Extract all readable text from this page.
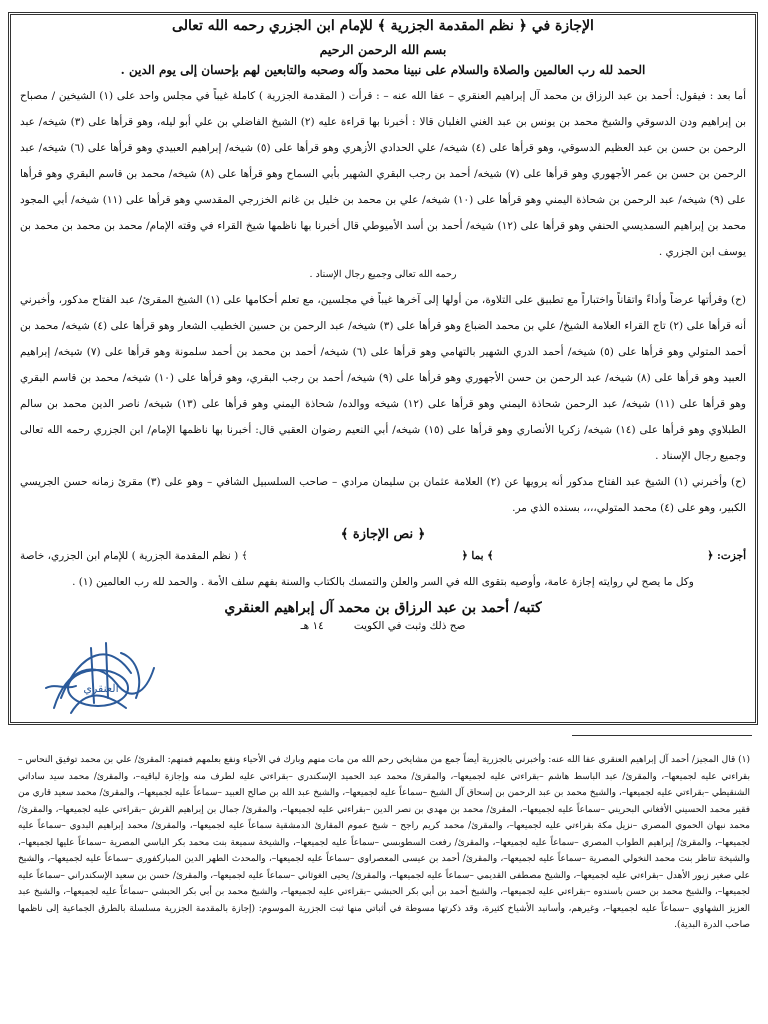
الإجازة في ﴿ نظم المقدمة الجزرية ﴾ للإمام ابن الجزري رحمه الله تعالى

بسم الله الرحمن الرحيم

الحمد لله رب العالمين والصلاة والسلام على نبينا محمد وآله وصحبه والتابعين لهم بإحسان إلى يوم الدين .

أما بعد : فيقول: أحمد بن عبد الرزاق بن محمد آل إبراهيم العنقري – عفا الله عنه – : قرأت ( المقدمة الجزرية ) كاملة غيباً في مجلس واحد على (١) الشيخين / مصباح بن إبراهيم ودن الدسوقي والشيخ محمد بن يونس بن عبد الغني الغلبان قالا : أخبرنا بها قراءة عليه (٢) الشيخ الفاضلي بن علي أبو ليله، وهو قرأها على (٣) شيخه/ عبد الرحمن بن حسن بن عبد العظيم الدسوقي، وهو قرأها على (٤) شيخه/ علي الحدادي الأزهري وهو قرأها على (٥) شيخه/ إبراهيم العبيدي وهو قرأها على (٦) شيخه/ عبد الرحمن بن حسن بن عمر الأجهوري وهو قرأها على (٧) شيخه/ أحمد بن رجب البقري الشهير بأبي السماح وهو قرأها على (٨) شيخه/ محمد بن قاسم البقري وهو قرأها على (٩) شيخه/ عبد الرحمن بن شحاذة اليمني وهو قرأها على (١٠) شيخه/ علي بن محمد بن خليل بن غانم الخزرجي المقدسي وهو قرأها على (١١) شيخه/ أبي المجود محمد بن إبراهيم السمديسي الحنفي وهو قرأها على (١٢) شيخه/ أحمد بن أسد الأميوطي قال أخبرنا بها ناظمها شيخ القراء في وقته الإمام/ محمد بن محمد بن محمد بن يوسف ابن الجزري .

رحمه الله تعالى وجميع رجال الإسناد .

(ح) وقرأتها عرضاً وأداءً واتقاناً واختباراً مع تطبيق على التلاوة، من أولها إلى آخرها غيباً في مجلسين، مع تعلم أحكامها على (١) الشيخ المقرئ/ عبد الفتاح مدكور، وأخبرني أنه قرأها على (٢) تاج القراء العلامة الشيخ/ علي بن محمد الضباع وهو قرأها على (٣) شيخه/ عبد الرحمن بن حسين الخطيب الشعار وهو قرأها على (٤) شيخه/ محمد بن أحمد المتولي وهو قرأها على (٥) شيخه/ أحمد الدري الشهير بالتهامي وهو قرأها على (٦) شيخه/ أحمد بن محمد بن أحمد سلمونة وهو قرأها على (٧) شيخه/ إبراهيم العبيد وهو قرأها على (٨) شيخه/ عبد الرحمن بن حسن الأجهوري وهو قرأها على (٩) شيخه/ أحمد بن رجب البقري، وهو قرأها على (١٠) شيخه/ محمد بن قاسم البقري وهو قرأها على (١١) شيخه/ عبد الرحمن شحاذة اليمني وهو قرأها على (١٢) شيخه ووالده/ شحاذة اليمني وهو قرأها على (١٣) شيخه/ ناصر الدين محمد بن سالم الطبلاوي وهو قرأها على (١٤) شيخه/ زكريا الأنصاري وهو قرأها على (١٥) شيخه/ أبي النعيم رضوان العقبي قال: أخبرنا بها ناظمها الإمام/ ابن الجزري رحمه الله تعالى وجميع رجال الإسناد .

(ح) وأخبرني (١) الشيخ عبد الفتاح مدكور أنه يرويها عن (٢) العلامة عثمان بن سليمان مرادي – صاحب السلسبيل الشافي – وهو على (٣) مقرئ زمانه حسن الجريسي الكبير، وهو على (٤) محمد المتولي،،،، بسنده الذي مر.

﴿ نص الإجازة ﴾

أجزت: ﴿
﴾ بما ﴿
﴾ ( نظم المقدمة الجزرية ) للإمام ابن الجزري، خاصة

وكل ما يصح لي روايته إجازة عامة، وأوصيه بتقوى الله في السر والعلن والتمسك بالكتاب والسنة بفهم سلف الأمة . والحمد لله رب العالمين (١) .

كتبه/ أحمد بن عبد الرزاق بن محمد آل إبراهيم العنقري

صح ذلك وثبت في الكويت
١٤ هـ
العنقري

(١) قال المجيز/ أحمد آل إبراهيم العنقري عفا الله عنه: وأخبرني بالجزرية أيضاً جمع من مشايخي رحم الله من مات منهم وبارك في الأحياء ونفع بعلمهم فمنهم: المقرئ/ علي بن محمد توفيق النحاس –بقراءتي عليه لجميعها–، والمقرئ/ عبد الباسط هاشم –بقراءتي عليه لجميعها–، والمقرئ/ محمد عبد الحميد الإسكندري –بقراءتي عليه لطرف منه وإجازة لباقيه–، والمقرئ/ محمد سيد ساداتي الشنقيطي –بقراءتي عليه لجميعها–، والشيخ محمد بن عبد الرحمن بن إسحاق آل الشيخ –سماعاً عليه لجميعها–، والشيخ عبد الله بن صالح العبيد –سماعاً عليه لجميعها–، والمقرئ/ محمد سعيد قاري من فقير محمد الحسيني الأفغاني البحريني –سماعاً عليه لجميعها–، المقرئ/ محمد بن مهدي بن نصر الدين –بقراءتي عليه لجميعها–، والمقرئ/ جمال بن إبراهيم القرش –بقراءتي عليه لجميعها–، والمقرئ/ محمد نبهان الحموي المصري –نزيل مكة بقراءتي عليه لجميعها–، والمقرئ/ محمد كريم راجح – شيخ عموم المقارئ الدمشقية سماعاً عليه لجميعها–، والمقرئ/ محمد إبراهيم البدوي –سماعاً عليه لجميعها–، والمقرئ/ إبراهيم الطواب المصري –سماعاً عليه لجميعها–، والمقرئ/ رفعت السطوبسي –سماعاً عليه لجميعها–، والشيخة سميعة بنت محمد بكر الباسي المصرية –سماعاً عليها لجميعها–، والشيخة تناظر بنت محمد النخولي المصرية –سماعاً عليه لجميعها–، والمقرئ/ أحمد بن عيسى المعصراوي –سماعاً عليه لجميعها–، والمحدث الطهر الدين المباركفوري –سماعاً عليه لجميعها–، والشيخ علي صغير زبور الأهدل –بقراءتي عليه لجميعها–، والشيخ مصطفى القديمي –سماعاً عليه لجميعها–، والمقرئ/ يحيى الغوثاني –سماعاً عليه لجميعها–، والمقرئ/ حسن بن سعيد الإسكندراني –سماعاً عليه لجميعها–، والشيخ محمد بن حسن باسندوه –بقراءتي عليه لجميعها–، والشيخ أحمد بن أبي بكر الحبشي –بقراءتي عليه لجميعها–، والشيخ محمد بن أبي بكر الحبشي –سماعاً عليه لجميعها–، والشيخ عبد العزيز الشهاوي –سماعاً عليه لجميعها–، وغيرهم، وأسانيد الأشياخ كثيرة، وقد ذكرتها مسوطة في أثباتي منها ثبت الجزرية الموسوم: (إجازة بالمقدمة الجزرية مسلسلة بالطرق الجماعية إلى ناظمها صاحب الدرة البدية).
